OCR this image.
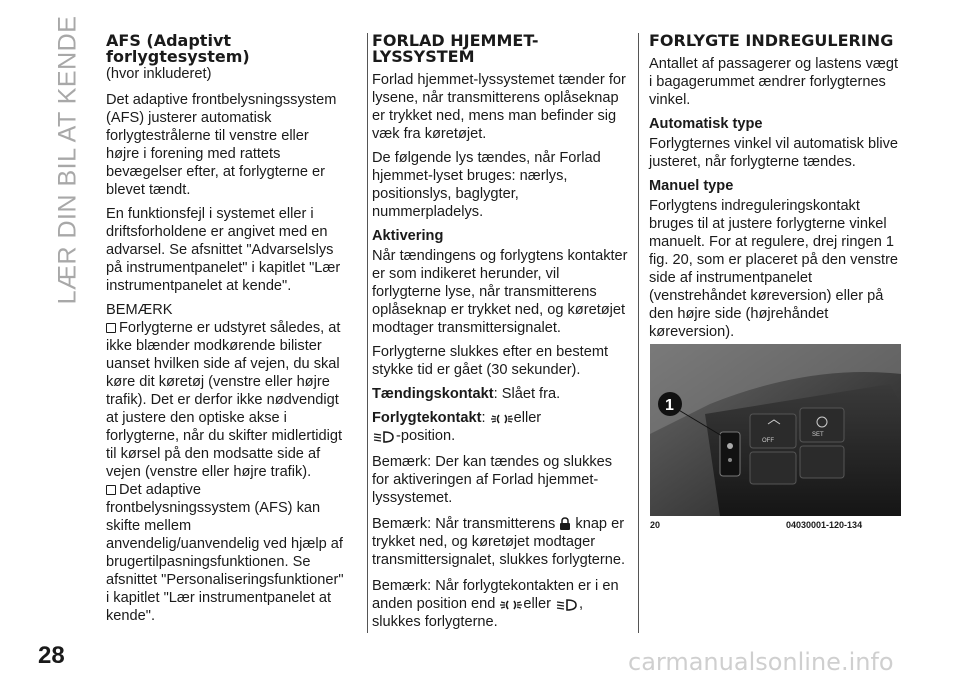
LÆR DIN BIL AT KENDE
28
AFS (Adaptivt forlygtesystem)

(hvor inkluderet)

Det adaptive frontbelysningssystem (AFS) justerer automatisk forlygtestrålerne til venstre eller højre i forening med rattets bevægelser efter, at forlygterne er blevet tændt.

En funktionsfejl i systemet eller i driftsforholdene er angivet med en advarsel. Se afsnittet "Advarselslys på instrumentpanelet" i kapitlet "Lær instrumentpanelet at kende".

BEMÆRK

Forlygterne er udstyret således, at ikke blænder modkørende bilister uanset hvilken side af vejen, du skal køre dit køretøj (venstre eller højre trafik). Det er derfor ikke nødvendigt at justere den optiske akse i forlygterne, når du skifter midlertidigt til kørsel på den modsatte side af vejen (venstre eller højre trafik).

Det adaptive frontbelysningssystem (AFS) kan skifte mellem anvendelig/uanvendelig ved hjælp af brugertilpasningsfunktionen. Se afsnittet "Personaliseringsfunktioner" i kapitlet "Lær instrumentpanelet at kende".

FORLAD HJEMMET-LYSSYSTEM

Forlad hjemmet-lyssystemet tænder for lysene, når transmitterens oplåseknap er trykket ned, mens man befinder sig væk fra køretøjet.

De følgende lys tændes, når Forlad hjemmet-lyset bruges: nærlys, positionslys, baglygter, nummerpladelys.

Aktivering

Når tændingens og forlygtens kontakter er som indikeret herunder, vil forlygterne lyse, når transmitterens oplåseknap er trykket ned, og køretøjet modtager transmittersignalet.

Forlygterne slukkes efter en bestemt stykke tid er gået (30 sekunder).

Tændingskontakt: Slået fra.

Forlygtekontakt: eller
-position.

Bemærk: Der kan tændes og slukkes for aktiveringen af Forlad hjemmet-lyssystemet.

Bemærk: Når transmitterens knap er trykket ned, og køretøjet modtager transmittersignalet, slukkes forlygterne.

Bemærk: Når forlygtekontakten er i en anden position end eller , slukkes forlygterne.

FORLYGTE INDREGULERING

Antallet af passagerer og lastens vægt i bagagerummet ændrer forlygternes vinkel.

Automatisk type

Forlygternes vinkel vil automatisk blive justeret, når forlygterne tændes.

Manuel type

Forlygtens indreguleringskontakt bruges til at justere forlygterne vinkel manuelt. For at regulere, drej ringen 1 fig. 20, som er placeret på den venstre side af instrumentpanelet (venstrehåndet køreversion) eller på den højre side (højrehåndet køreversion).

OFF
SET
1
20	04030001-120-134
carmanualsonline.info
